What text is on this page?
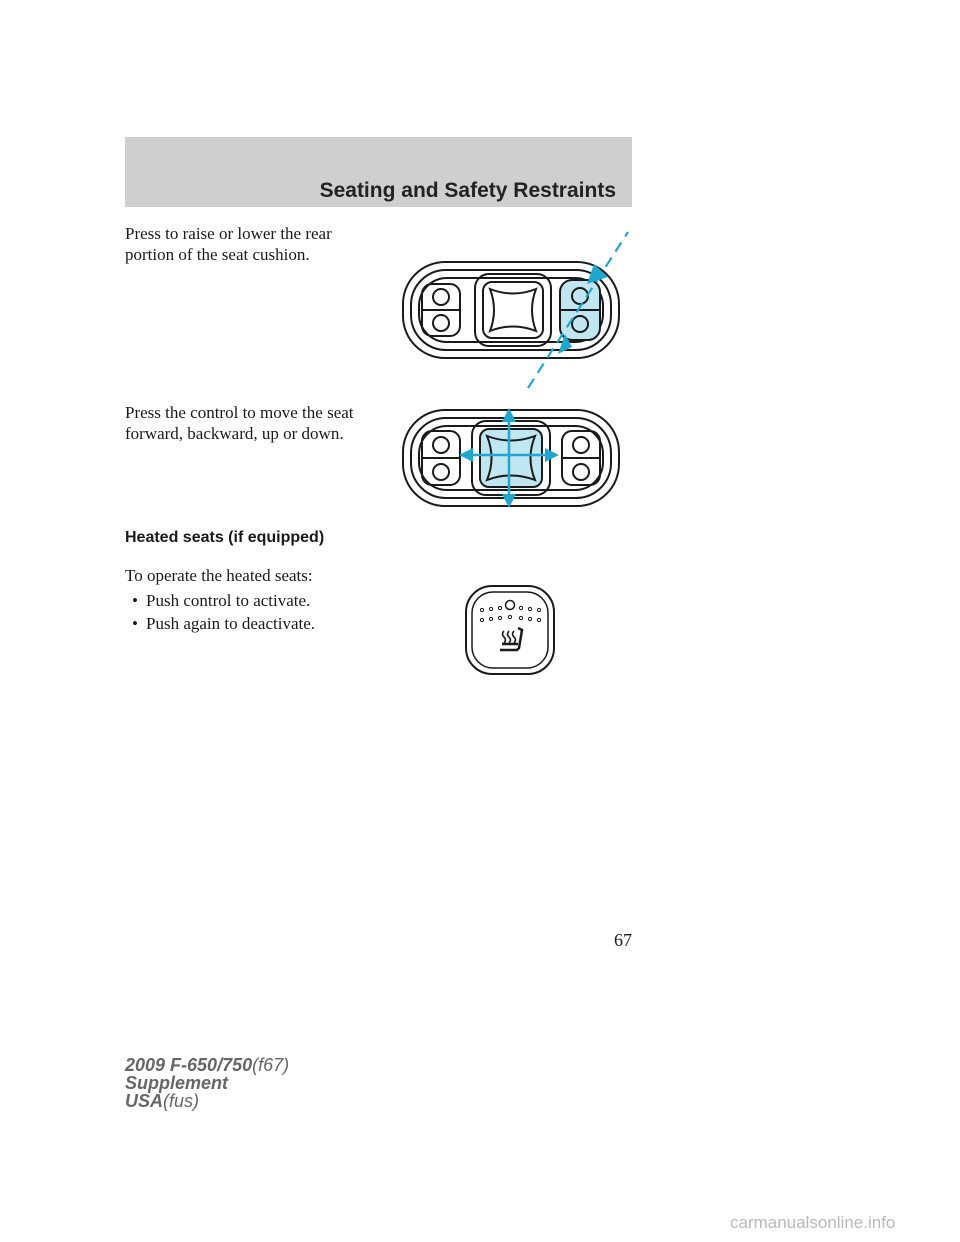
Seating and Safety Restraints

Press to raise or lower the rear
portion of the seat cushion.

Press the control to move the seat
forward, backward, up or down.

Heated seats (if equipped)

To operate the heated seats:

• Push control to activate.
• Push again to deactivate.
67
2009 F-650/750(f67)
Supplement
USA(fus)
carmanualsonline.info
